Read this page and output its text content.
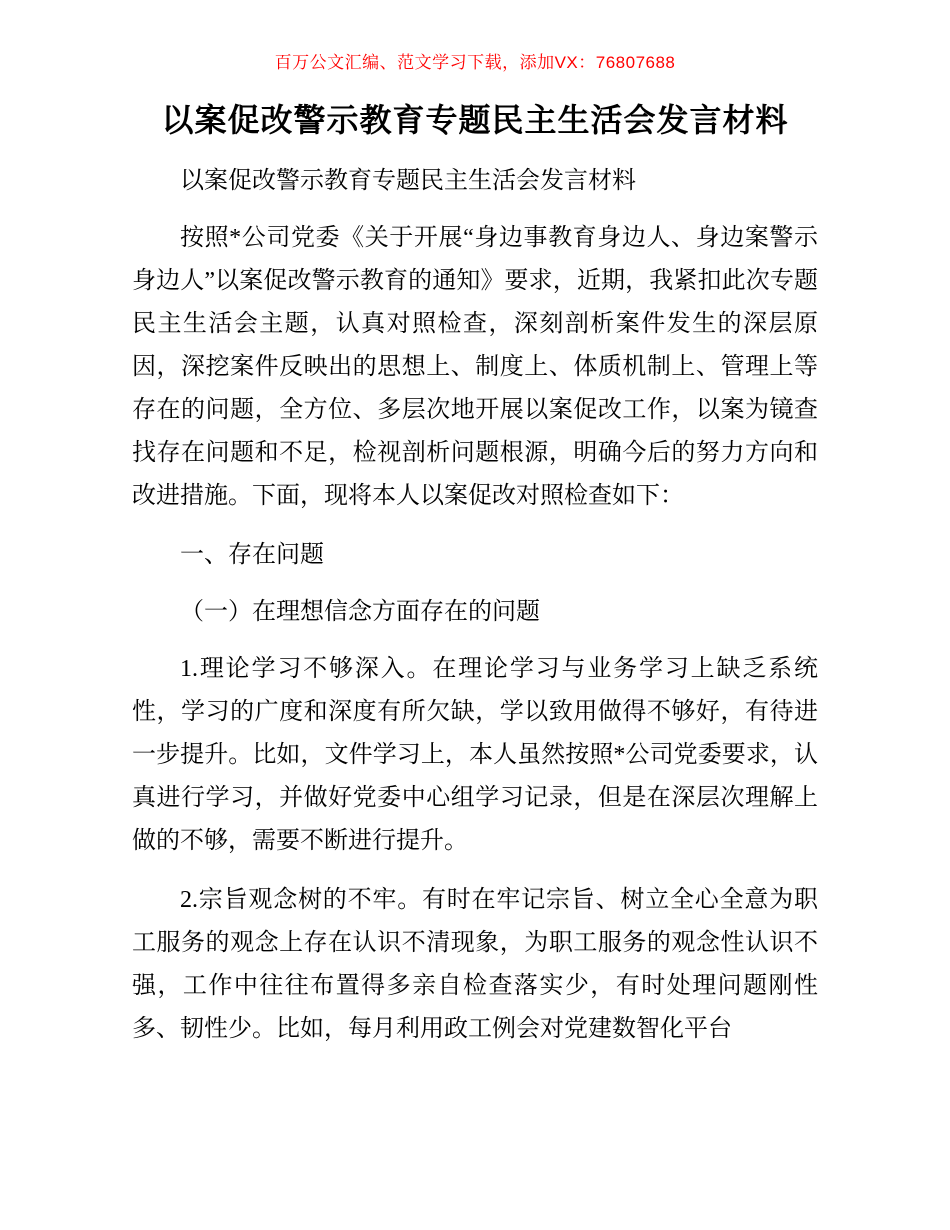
百万公文汇编、范文学习下载，添加VX：76807688
以案促改警示教育专题民主生活会发言材料

以案促改警示教育专题民主生活会发言材料

按照*公司党委《关于开展“身边事教育身边人、身边案警示身边人”以案促改警示教育的通知》要求，近期，我紧扣此次专题民主生活会主题，认真对照检查，深刻剖析案件发生的深层原因，深挖案件反映出的思想上、制度上、体质机制上、管理上等存在的问题，全方位、多层次地开展以案促改工作，以案为镜查找存在问题和不足，检视剖析问题根源，明确今后的努力方向和改进措施。下面，现将本人以案促改对照检查如下：

一、存在问题

（一）在理想信念方面存在的问题

1.理论学习不够深入。在理论学习与业务学习上缺乏系统性，学习的广度和深度有所欠缺，学以致用做得不够好，有待进一步提升。比如，文件学习上，本人虽然按照*公司党委要求，认真进行学习，并做好党委中心组学习记录，但是在深层次理解上做的不够，需要不断进行提升。

2.宗旨观念树的不牢。有时在牢记宗旨、树立全心全意为职工服务的观念上存在认识不清现象，为职工服务的观念性认识不强，工作中往往布置得多亲自检查落实少，有时处理问题刚性多、韧性少。比如，每月利用政工例会对党建数智化平台
